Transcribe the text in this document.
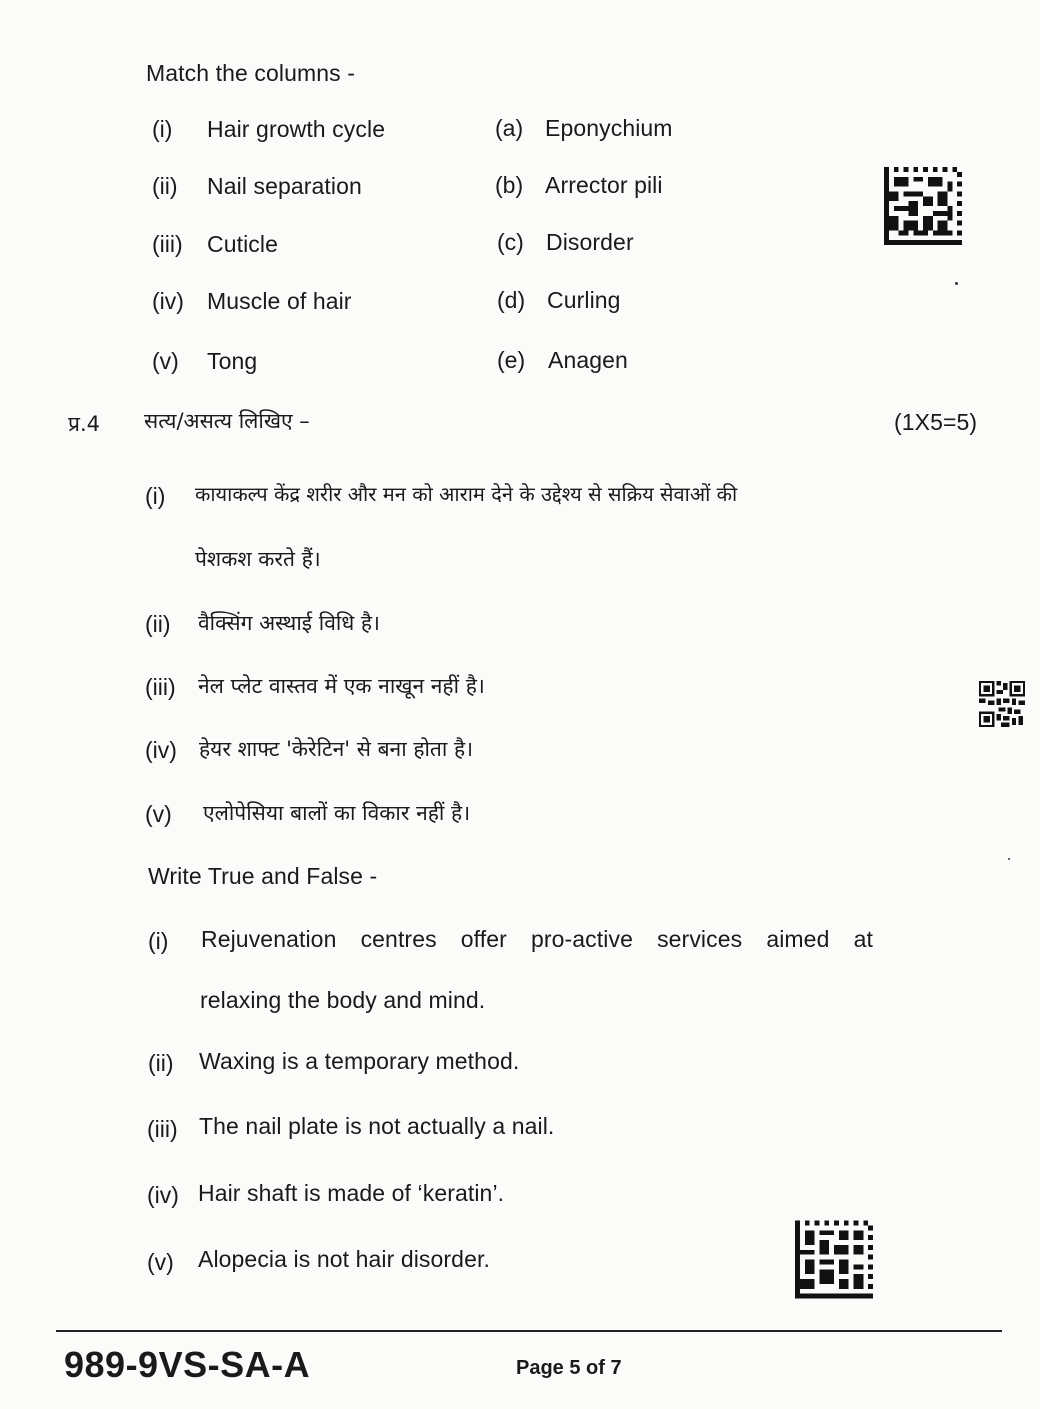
Match the columns -
(i) Hair growth cycle
(ii) Nail separation
(iii) Cuticle
(iv) Muscle of hair
(v) Tong
(a) Eponychium
(b) Arrector pili
(c) Disorder
(d) Curling
(e) Anagen
प्र.4 सत्य/असत्य लिखिए –	(1X5=5)
(i) कायाकल्प केंद्र शरीर और मन को आराम देने के उद्देश्य से सक्रिय सेवाओं की
पेशकश करते हैं।
(ii) वैक्सिंग अस्थाई विधि है।
(iii) नेल प्लेट वास्तव में एक नाखून नहीं है।
(iv) हेयर शाफ्ट 'केरेटिन' से बना होता है।
(v) एलोपेसिया बालों का विकार नहीं है।
Write True and False -
(i) Rejuvenation centres offer pro-active services aimed at
relaxing the body and mind.
(ii) Waxing is a temporary method.
(iii) The nail plate is not actually a nail.
(iv) Hair shaft is made of ‘keratin’.
(v) Alopecia is not hair disorder.
989-9VS-SA-A	Page 5 of 7
